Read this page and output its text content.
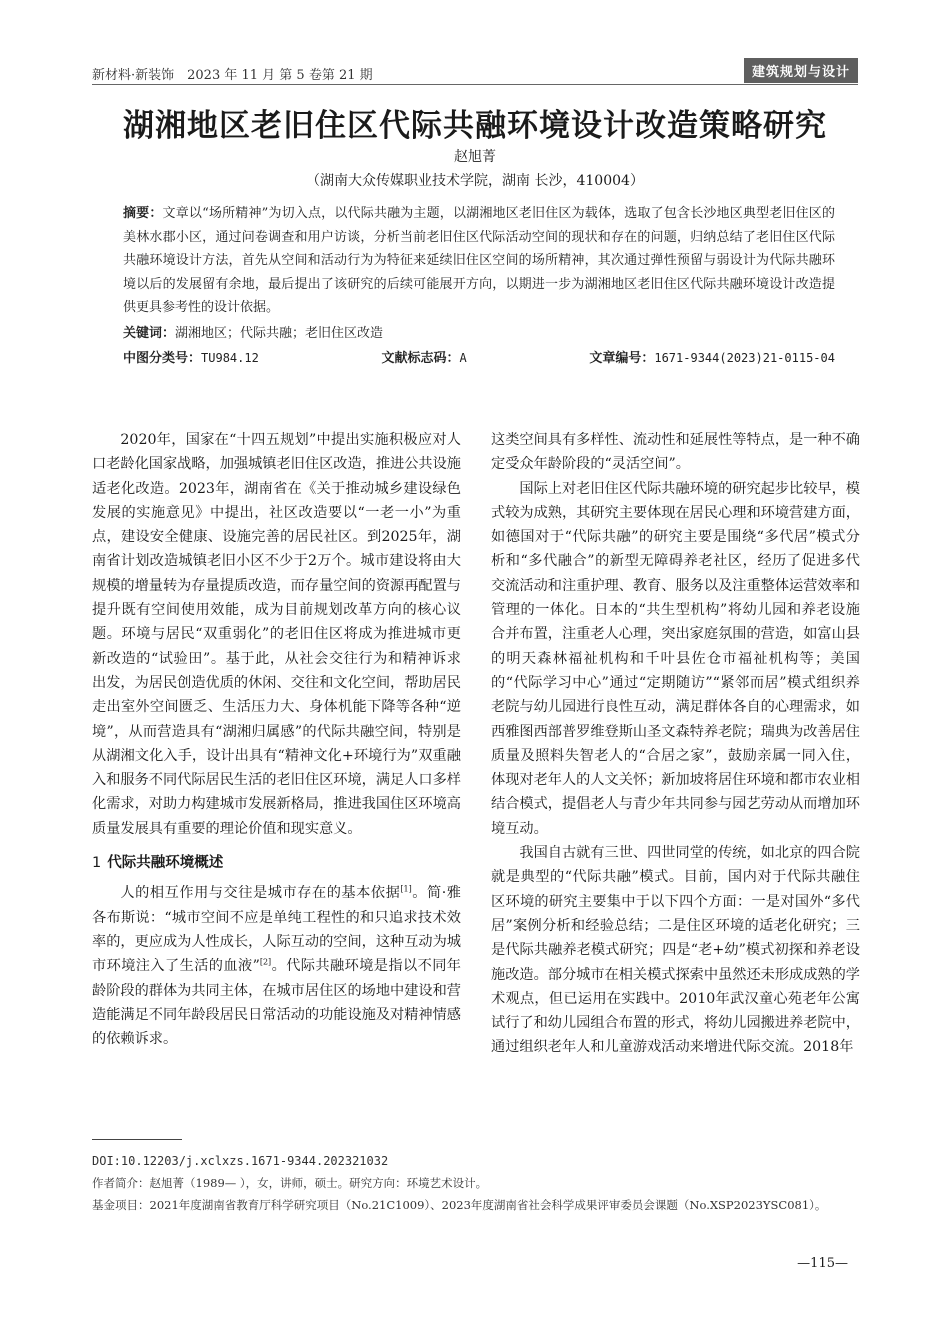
新材料·新装饰　2023 年 11 月 第 5 卷第 21 期	建筑规划与设计
湖湘地区老旧住区代际共融环境设计改造策略研究
赵旭菁
（湖南大众传媒职业技术学院，湖南 长沙，410004）
摘要：文章以“场所精神”为切入点，以代际共融为主题，以湖湘地区老旧住区为载体，选取了包含长沙地区典型老旧住区的美林水郡小区，通过问卷调查和用户访谈，分析当前老旧住区代际活动空间的现状和存在的问题，归纳总结了老旧住区代际共融环境设计方法，首先从空间和活动行为为特征来延续旧住区空间的场所精神，其次通过弹性预留与弱设计为代际共融环境以后的发展留有余地，最后提出了该研究的后续可能展开方向，以期进一步为湖湘地区老旧住区代际共融环境设计改造提供更具参考性的设计依据。
关键词：湖湘地区；代际共融；老旧住区改造
中图分类号：TU984.12	文献标志码：A	文章编号：1671-9344(2023)21-0115-04

2020年，国家在“十四五规划”中提出实施积极应对人口老龄化国家战略，加强城镇老旧住区改造，推进公共设施适老化改造。2023年，湖南省在《关于推动城乡建设绿色发展的实施意见》中提出，社区改造要以“一老一小”为重点，建设安全健康、设施完善的居民社区。到2025年，湖南省计划改造城镇老旧小区不少于2万个。城市建设将由大规模的增量转为存量提质改造，而存量空间的资源再配置与提升既有空间使用效能，成为目前规划改革方向的核心议题。环境与居民“双重弱化”的老旧住区将成为推进城市更新改造的“试验田”。基于此，从社会交往行为和精神诉求出发，为居民创造优质的休闲、交往和文化空间，帮助居民走出室外空间匮乏、生活压力大、身体机能下降等各种“逆境”，从而营造具有“湖湘归属感”的代际共融空间，特别是从湖湘文化入手，设计出具有“精神文化+环境行为”双重融入和服务不同代际居民生活的老旧住区环境，满足人口多样化需求，对助力构建城市发展新格局，推进我国住区环境高质量发展具有重要的理论价值和现实意义。

1 代际共融环境概述

人的相互作用与交往是城市存在的基本依据[1]。简·雅各布斯说：“城市空间不应是单纯工程性的和只追求技术效率的，更应成为人性成长，人际互动的空间，这种互动为城市环境注入了生活的血液”[2]。代际共融环境是指以不同年龄阶段的群体为共同主体，在城市居住区的场地中建设和营造能满足不同年龄段居民日常活动的功能设施及对精神情感的依赖诉求。

这类空间具有多样性、流动性和延展性等特点，是一种不确定受众年龄阶段的“灵活空间”。

国际上对老旧住区代际共融环境的研究起步比较早，模式较为成熟，其研究主要体现在居民心理和环境营建方面，如德国对于“代际共融”的研究主要是围绕“多代居”模式分析和“多代融合”的新型无障碍养老社区，经历了促进多代交流活动和注重护理、教育、服务以及注重整体运营效率和管理的一体化。日本的“共生型机构”将幼儿园和养老设施合并布置，注重老人心理，突出家庭氛围的营造，如富山县的明天森林福祉机构和千叶县佐仓市福祉机构等；美国的“代际学习中心”通过“定期随访”“紧邻而居”模式组织养老院与幼儿园进行良性互动，满足群体各自的心理需求，如西雅图西部普罗维登斯山圣文森特养老院；瑞典为改善居住质量及照料失智老人的“合居之家”，鼓励亲属一同入住，体现对老年人的人文关怀；新加坡将居住环境和都市农业相结合模式，提倡老人与青少年共同参与园艺劳动从而增加环境互动。

我国自古就有三世、四世同堂的传统，如北京的四合院就是典型的“代际共融”模式。目前，国内对于代际共融住区环境的研究主要集中于以下四个方面：一是对国外“多代居”案例分析和经验总结；二是住区环境的适老化研究；三是代际共融养老模式研究；四是“老+幼”模式初探和养老设施改造。部分城市在相关模式探索中虽然还未形成成熟的学术观点，但已运用在实践中。2010年武汉童心苑老年公寓试行了和幼儿园组合布置的形式，将幼儿园搬进养老院中，通过组织老年人和儿童游戏活动来增进代际交流。2018年

DOI:10.12203/j.xclxzs.1671-9344.202321032
作者简介：赵旭菁（1989— ），女，讲师，硕士。研究方向：环境艺术设计。
基金项目：2021年度湖南省教育厅科学研究项目（No.21C1009）、2023年度湖南省社会科学成果评审委员会课题（No.XSP2023YSC081）。
—115—
